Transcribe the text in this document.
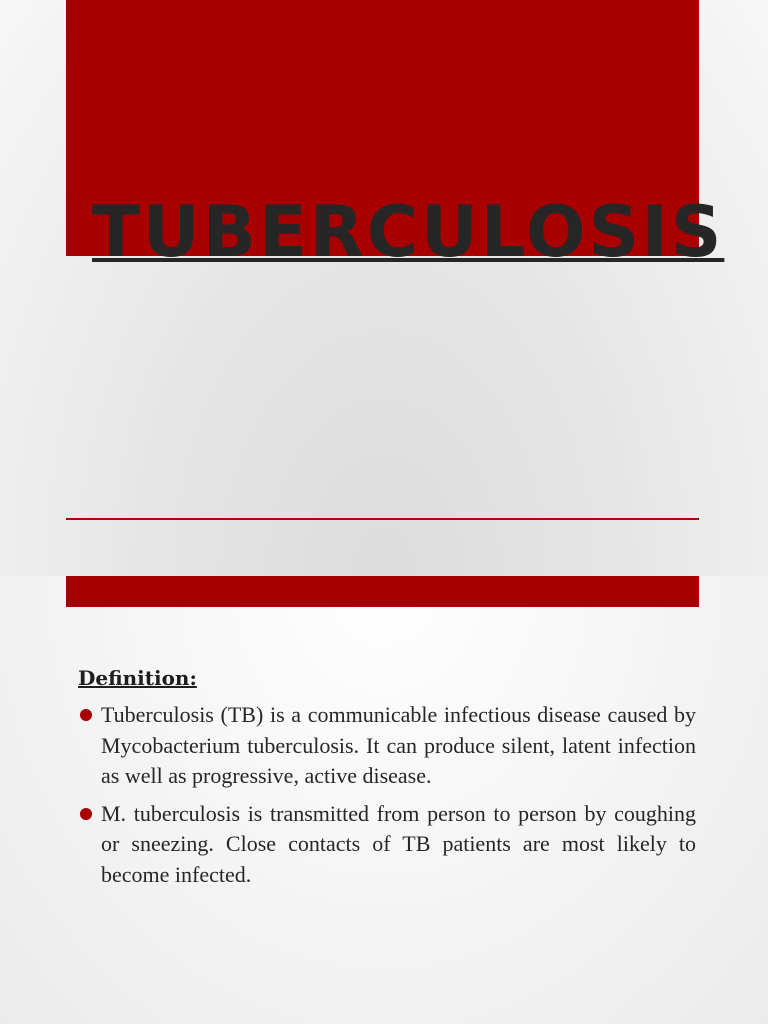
TUBERCULOSIS
Definition:
Tuberculosis (TB) is a communicable infectious disease caused by Mycobacterium tuberculosis. It can produce silent, latent infection as well as progressive, active disease.
M. tuberculosis is transmitted from person to person by coughing or sneezing. Close contacts of TB patients are most likely to become infected.
